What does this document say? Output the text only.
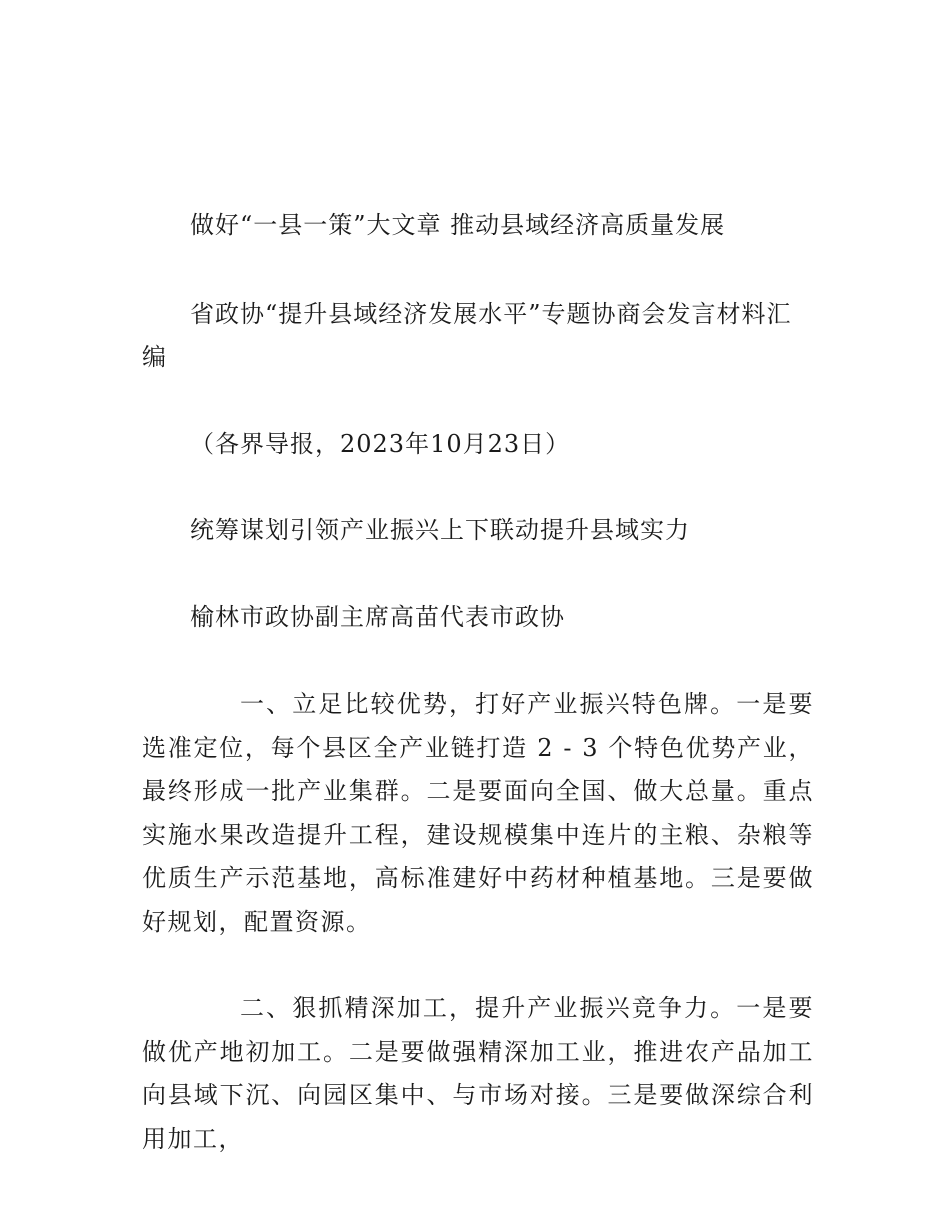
做好“一县一策”大文章 推动县域经济高质量发展
省政协“提升县域经济发展水平”专题协商会发言材料汇
编
（各界导报，2023年10月23日）
统筹谋划引领产业振兴上下联动提升县域实力
榆林市政协副主席高苗代表市政协

一、立足比较优势，打好产业振兴特色牌。一是要选准定位，每个县区全产业链打造 2 - 3 个特色优势产业，最终形成一批产业集群。二是要面向全国、做大总量。重点实施水果改造提升工程，建设规模集中连片的主粮、杂粮等优质生产示范基地，高标准建好中药材种植基地。三是要做好规划，配置资源。

二、狠抓精深加工，提升产业振兴竞争力。一是要做优产地初加工。二是要做强精深加工业，推进农产品加工向县域下沉、向园区集中、与市场对接。三是要做深综合利用加工，
